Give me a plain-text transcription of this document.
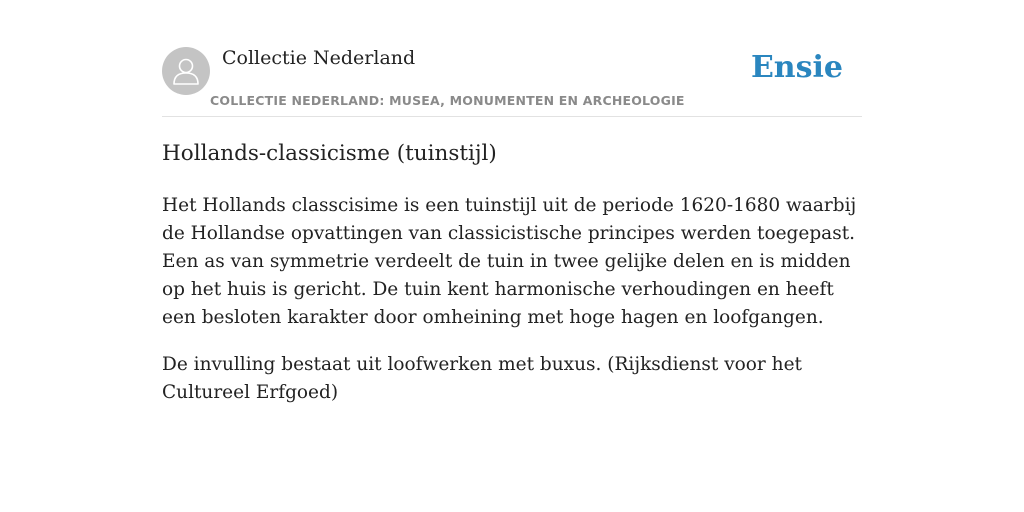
Collectie Nederland
COLLECTIE NEDERLAND: MUSEA, MONUMENTEN EN ARCHEOLOGIE
Ensie
Hollands-classicisme (tuinstijl)

Het Hollands classcisime is een tuinstijl uit de periode 1620-1680 waarbij de Hollandse opvattingen van classicistische principes werden toegepast. Een as van symmetrie verdeelt de tuin in twee gelijke delen en is midden op het huis is gericht. De tuin kent harmonische verhoudingen en heeft een besloten karakter door omheining met hoge hagen en loofgangen.

De invulling bestaat uit loofwerken met buxus. (Rijksdienst voor het Cultureel Erfgoed)
